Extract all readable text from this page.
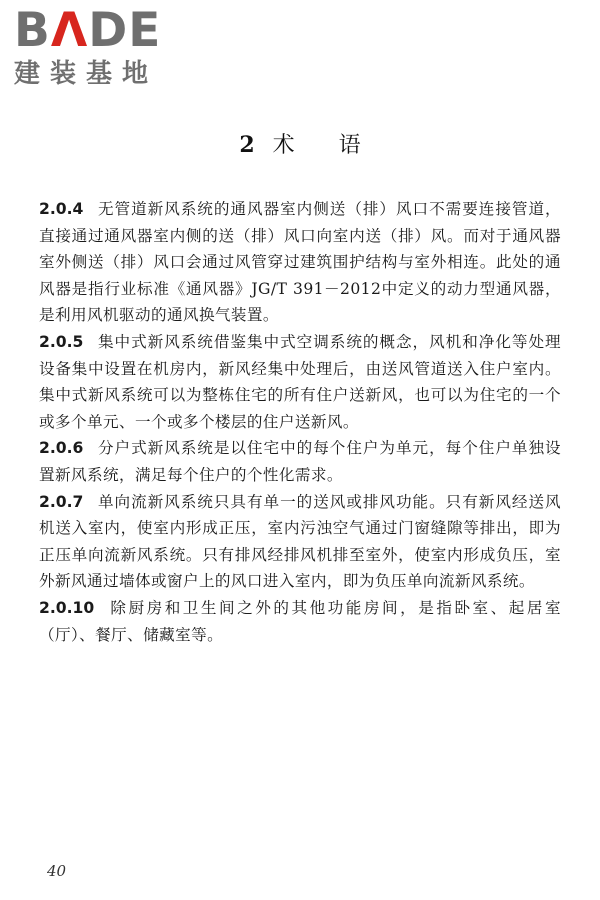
B Λ DE
建装基地
2 术 语

2.0.4 无管道新风系统的通风器室内侧送（排）风口不需要连接管道，直接通过通风器室内侧的送（排）风口向室内送（排）风。而对于通风器室外侧送（排）风口会通过风管穿过建筑围护结构与室外相连。此处的通风器是指行业标准《通风器》JG/T 391－2012中定义的动力型通风器，是利用风机驱动的通风换气装置。

2.0.5 集中式新风系统借鉴集中式空调系统的概念，风机和净化等处理设备集中设置在机房内，新风经集中处理后，由送风管道送入住户室内。集中式新风系统可以为整栋住宅的所有住户送新风，也可以为住宅的一个或多个单元、一个或多个楼层的住户送新风。

2.0.6 分户式新风系统是以住宅中的每个住户为单元，每个住户单独设置新风系统，满足每个住户的个性化需求。

2.0.7 单向流新风系统只具有单一的送风或排风功能。只有新风经送风机送入室内，使室内形成正压，室内污浊空气通过门窗缝隙等排出，即为正压单向流新风系统。只有排风经排风机排至室外，使室内形成负压，室外新风通过墙体或窗户上的风口进入室内，即为负压单向流新风系统。

2.0.10 除厨房和卫生间之外的其他功能房间，是指卧室、起居室（厅）、餐厅、储藏室等。

40
